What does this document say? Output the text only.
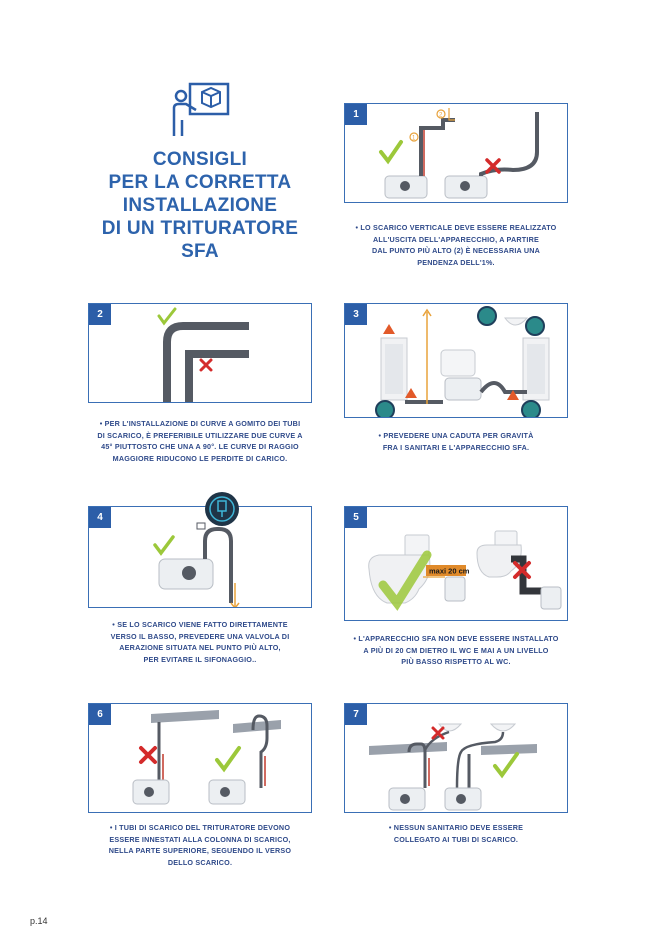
CONSIGLI
PER LA CORRETTA
INSTALLAZIONE
DI UN TRITURATORE
SFA
1
1
2
• LO SCARICO VERTICALE DEVE ESSERE REALIZZATO
ALL'USCITA DELL'APPARECCHIO, A PARTIRE
DAL PUNTO PIÙ ALTO (2) È NECESSARIA UNA
PENDENZA DELL'1%.
2
• PER L'INSTALLAZIONE DI CURVE A GOMITO DEI TUBI
DI SCARICO, È PREFERIBILE UTILIZZARE DUE CURVE A
45° PIUTTOSTO CHE UNA A 90°. LE CURVE DI RAGGIO
MAGGIORE RIDUCONO LE PERDITE DI CARICO.
3
• PREVEDERE UNA CADUTA PER GRAVITÀ
FRA I SANITARI E L'APPARECCHIO SFA.
4
• SE LO SCARICO VIENE FATTO DIRETTAMENTE
VERSO IL BASSO, PREVEDERE UNA VALVOLA DI
AERAZIONE SITUATA NEL PUNTO PIÙ ALTO,
PER EVITARE IL SIFONAGGIO..
5
maxi 20 cm
• L'APPARECCHIO SFA NON DEVE ESSERE INSTALLATO
A PIÙ DI 20 CM DIETRO IL WC E MAI A UN LIVELLO
PIÙ BASSO RISPETTO AL WC.
6
• I TUBI DI SCARICO DEL TRITURATORE DEVONO
ESSERE INNESTATI ALLA COLONNA DI SCARICO,
NELLA PARTE SUPERIORE, SEGUENDO IL VERSO
DELLO SCARICO.
7
• NESSUN SANITARIO DEVE ESSERE
COLLEGATO AI TUBI DI SCARICO.
p.14
